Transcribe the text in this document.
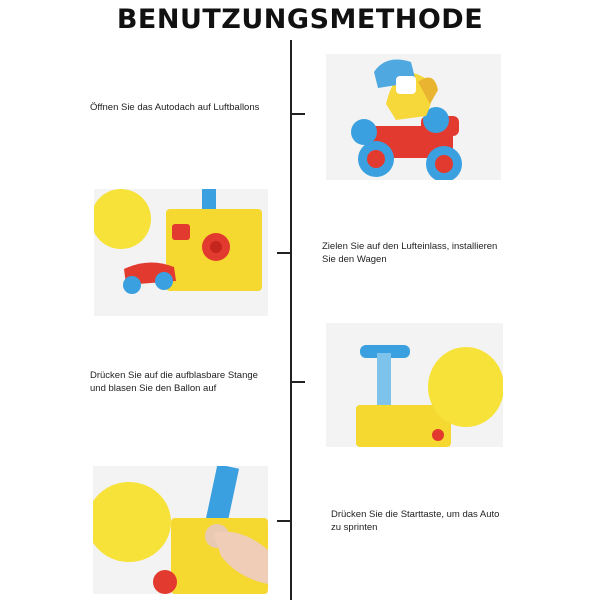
BENUTZUNGSMETHODE
Öffnen Sie das Autodach auf Luftballons
Zielen Sie auf den Lufteinlass, installieren Sie den Wagen
Drücken Sie auf die aufblasbare Stange und blasen Sie den Ballon auf
Drücken Sie die Starttaste, um das Auto zu sprinten
